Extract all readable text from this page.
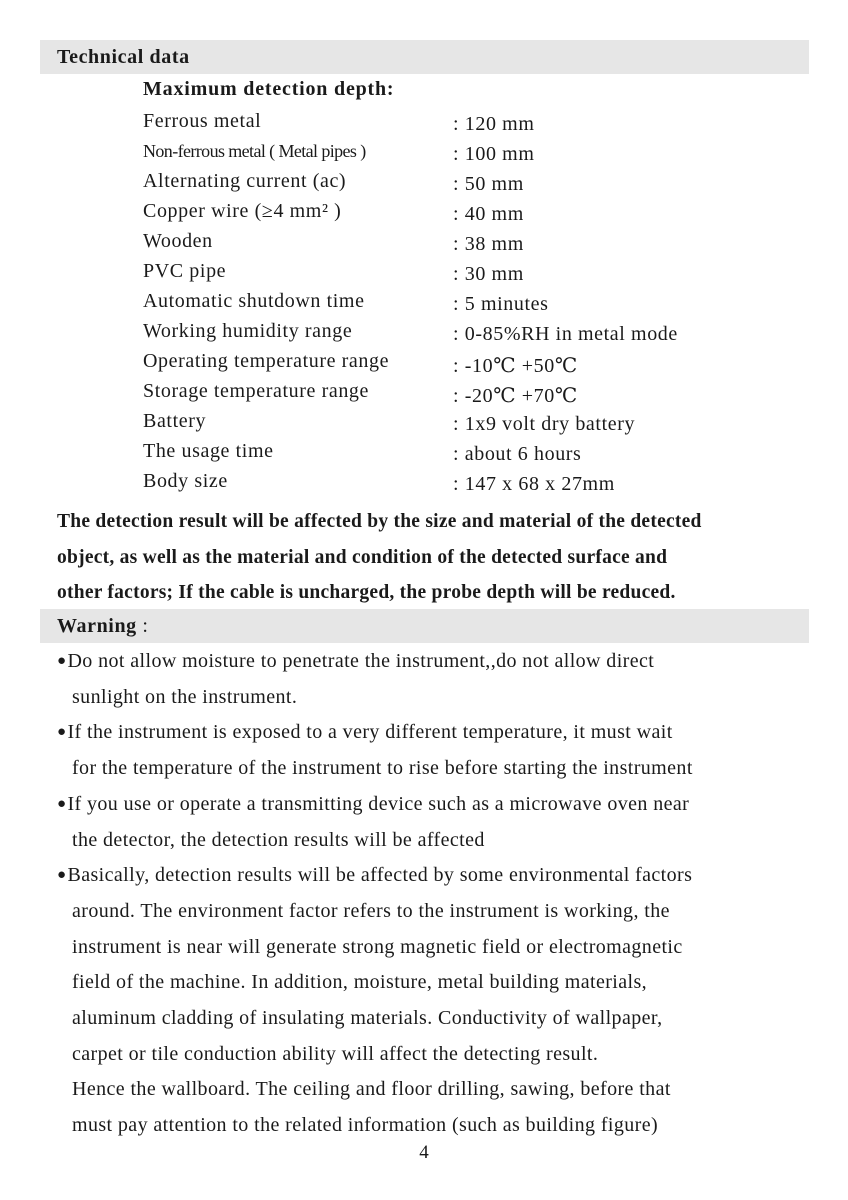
Technical data
Maximum detection depth:
Ferrous metal	: 120 mm
Non-ferrous metal ( Metal pipes )	: 100 mm
Alternating current (ac)	: 50 mm
Copper wire (≥4 mm² )	: 40 mm
Wooden	: 38 mm
PVC pipe	: 30 mm
Automatic shutdown time	: 5 minutes
Working humidity range	: 0-85%RH in metal mode
Operating temperature range	: -10℃ +50℃
Storage temperature range	: -20℃ +70℃
Battery	: 1x9 volt dry battery
The usage time	: about 6 hours
Body size	: 147 x 68 x 27mm
The detection result will be affected by the size and material of the detected
object, as well as the material and condition of the detected surface and
other factors; If the cable is uncharged, the probe depth will be reduced.
Warning :
●Do not allow moisture to penetrate the instrument,,do not allow direct
sunlight on the instrument.
●If the instrument is exposed to a very different temperature, it must wait
for the temperature of the instrument to rise before starting the instrument
●If you use or operate a transmitting device such as a microwave oven near
the detector, the detection results will be affected
●Basically, detection results will be affected by some environmental factors
around. The environment factor refers to the instrument is working, the
instrument is near will generate strong magnetic field or electromagnetic
field of the machine. In addition, moisture, metal building materials,
aluminum cladding of insulating materials. Conductivity of wallpaper,
carpet or tile conduction ability will affect the detecting result.
Hence the wallboard. The ceiling and floor drilling, sawing, before that
must pay attention to the related information (such as building figure)
4
